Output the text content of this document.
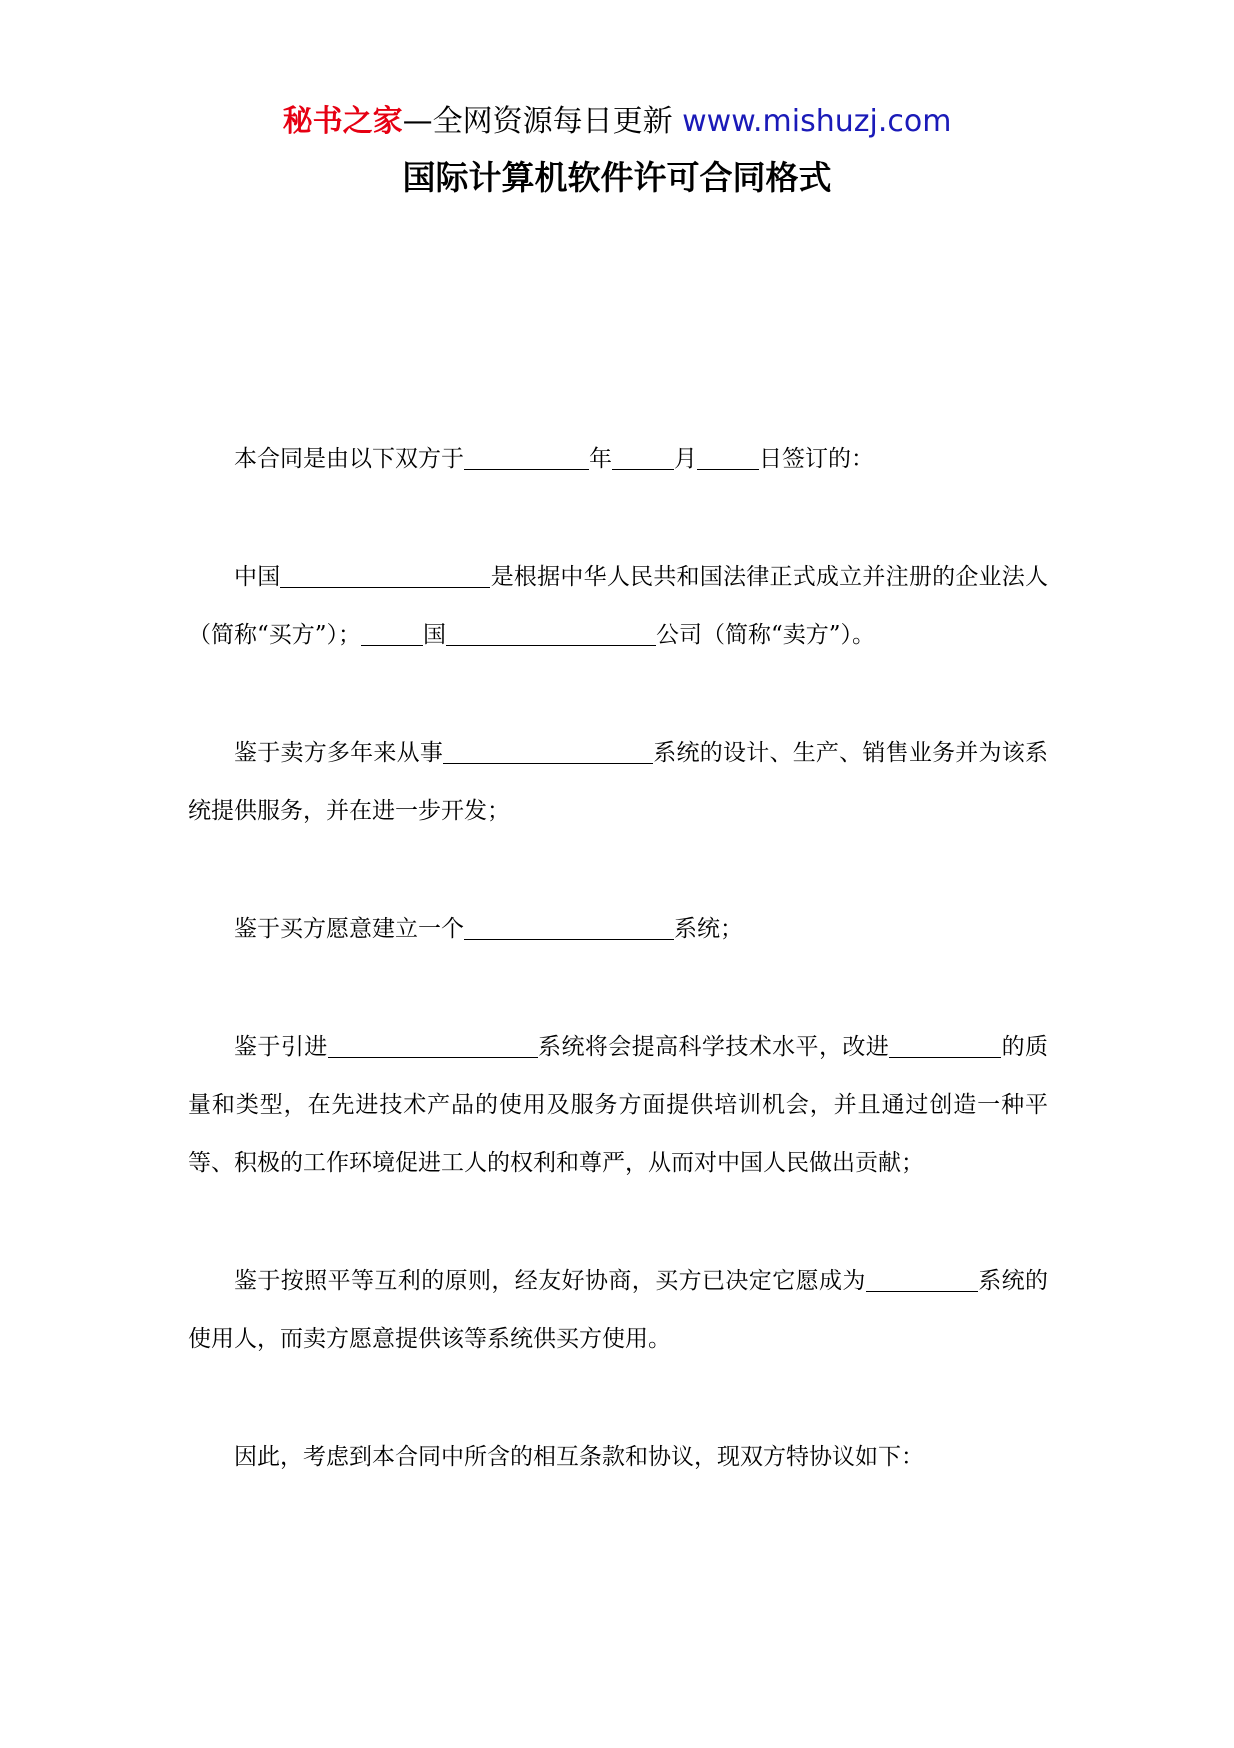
秘书之家—全网资源每日更新 www.mishuzj.com
国际计算机软件许可合同格式

本合同是由以下双方于	年	月	日签订的：

中国	是根据中华人民共和国法律正式成立并注册的企业法人（简称“买方”）；	国	公司（简称“卖方”）。

鉴于卖方多年来从事	系统的设计、生产、销售业务并为该系统提供服务，并在进一步开发；

鉴于买方愿意建立一个	系统；

鉴于引进	系统将会提高科学技术水平，改进	的质量和类型，在先进技术产品的使用及服务方面提供培训机会，并且通过创造一种平等、积极的工作环境促进工人的权利和尊严，从而对中国人民做出贡献；

鉴于按照平等互利的原则，经友好协商，买方已决定它愿成为	系统的使用人，而卖方愿意提供该等系统供买方使用。

因此，考虑到本合同中所含的相互条款和协议，现双方特协议如下：
